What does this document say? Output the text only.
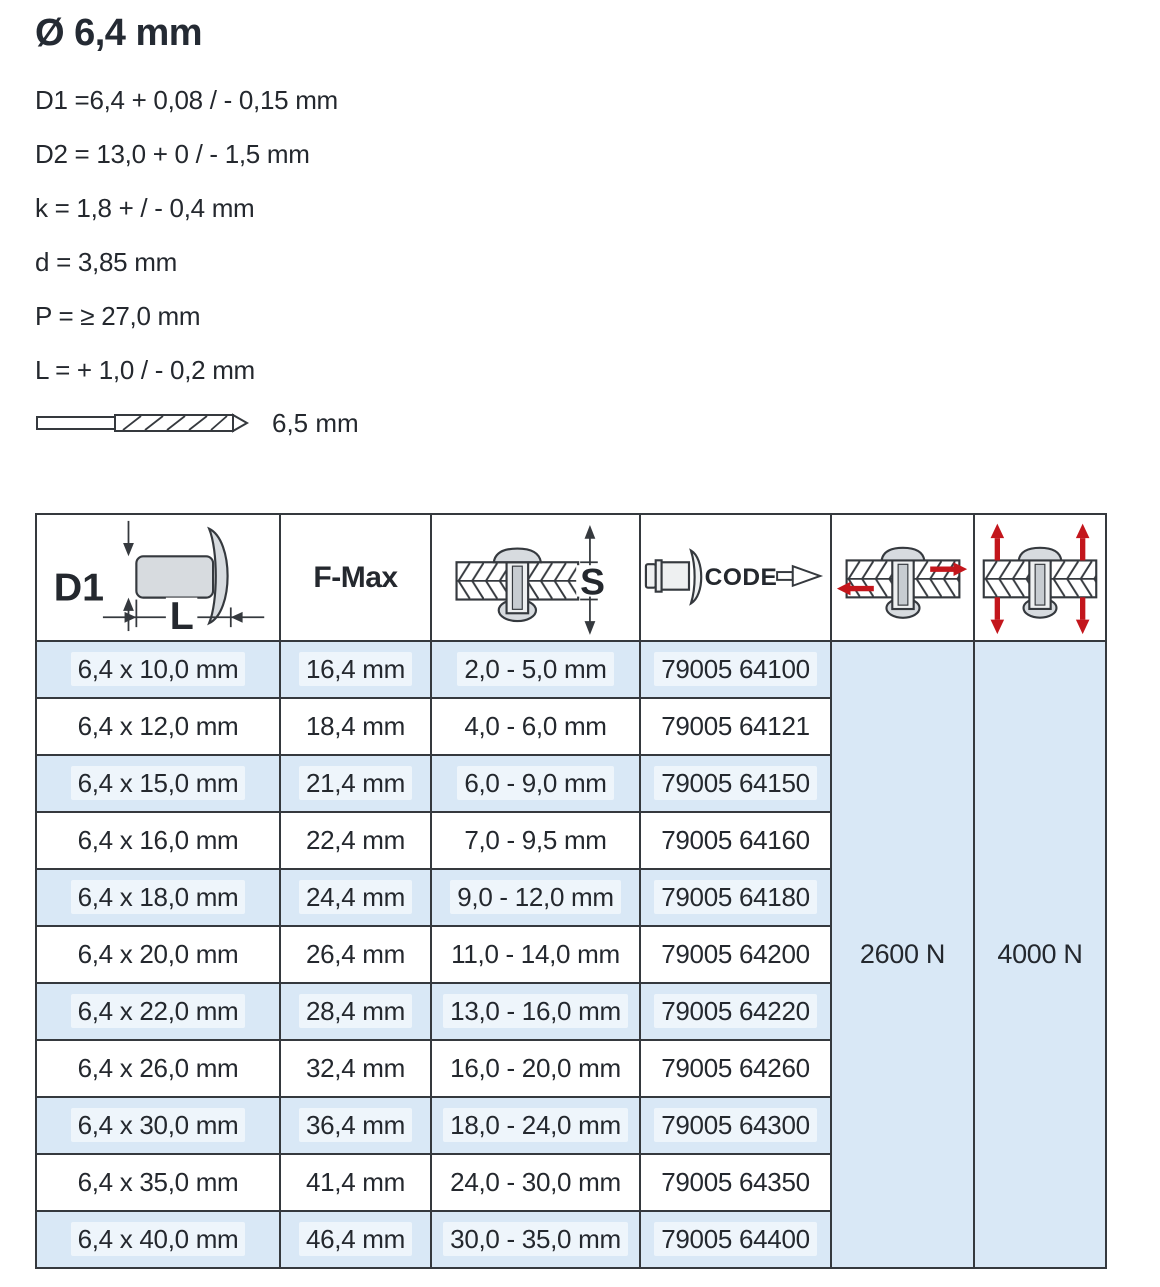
Ø 6,4 mm
D1 =6,4 + 0,08 / - 0,15 mm
D2 = 13,0 + 0 / - 1,5 mm
k = 1,8 + / - 0,4 mm
d = 3,85 mm
P = ≥ 27,0 mm
L = + 1,0 / - 0,2 mm
6,5 mm
L
D1	F-Max	S	CODE

6,4 x 10,0 mm	16,4 mm	2,0 - 5,0 mm	79005 64100	2600 N	4000 N
6,4 x 12,0 mm	18,4 mm	4,0 - 6,0 mm	79005 64121		
6,4 x 15,0 mm	21,4 mm	6,0 - 9,0 mm	79005 64150		
6,4 x 16,0 mm	22,4 mm	7,0 - 9,5 mm	79005 64160		
6,4 x 18,0 mm	24,4 mm	9,0 - 12,0 mm	79005 64180		
6,4 x 20,0 mm	26,4 mm	11,0 - 14,0 mm	79005 64200		
6,4 x 22,0 mm	28,4 mm	13,0 - 16,0 mm	79005 64220		
6,4 x 26,0 mm	32,4 mm	16,0 - 20,0 mm	79005 64260		
6,4 x 30,0 mm	36,4 mm	18,0 - 24,0 mm	79005 64300		
6,4 x 35,0 mm	41,4 mm	24,0 - 30,0 mm	79005 64350		
6,4 x 40,0 mm	46,4 mm	30,0 - 35,0 mm	79005 64400		
